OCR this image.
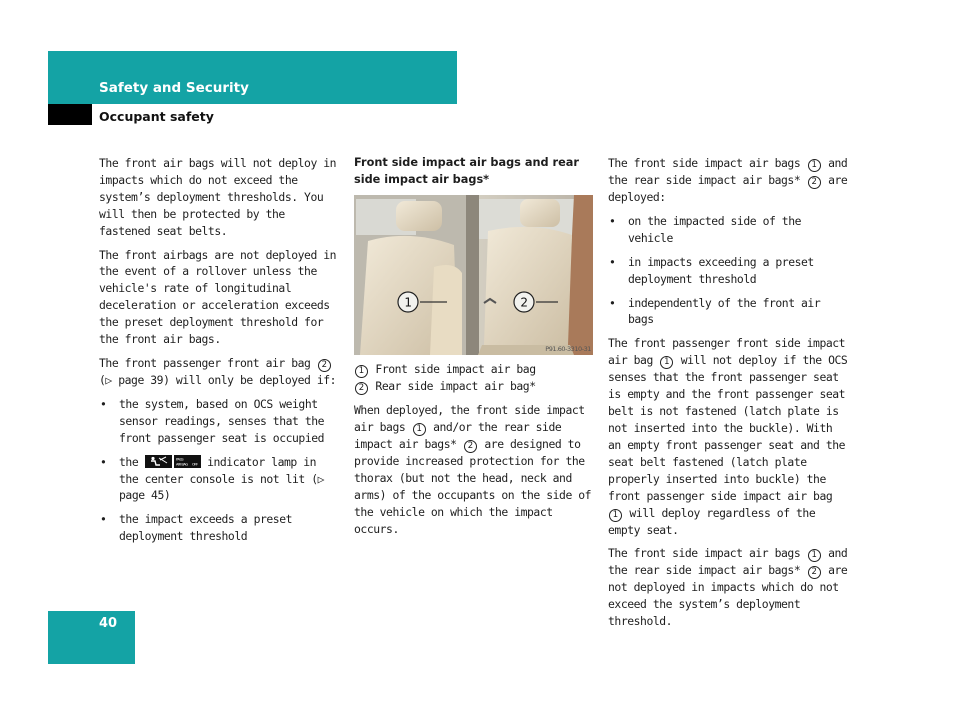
Safety and Security
Occupant safety

The front air bags will not deploy in impacts which do not exceed the system’s deployment thresholds. You will then be protected by the fastened seat belts.

The front airbags are not deployed in the event of a rollover unless the vehicle's rate of longitudinal deceleration or acceleration exceeds the preset deployment threshold for the front air bags.

The front passenger front air bag 2
(▷ page 39) will only be deployed if:

• the system, based on OCS weight sensor readings, senses that the front passenger seat is occupied
• the	PASS
AIR BAG OFF indicator lamp in the center console is not lit (▷ page 45)
• the impact exceeds a preset deployment threshold
Front side impact air bags and rear side impact air bags*
1	2
P91.60-3310-31

1 Front side impact air bag
2 Rear side impact air bag*

When deployed, the front side impact air bags 1 and/or the rear side impact air bags* 2 are designed to provide increased protection for the thorax (but not the head, neck and arms) of the occupants on the side of the vehicle on which the impact occurs.

The front side impact air bags 1 and the rear side impact air bags* 2 are deployed:

• on the impacted side of the vehicle
• in impacts exceeding a preset deployment threshold
• independently of the front air bags

The front passenger front side impact air bag 1 will not deploy if the OCS senses that the front passenger seat is empty and the front passenger seat belt is not fastened (latch plate is not inserted into the buckle). With an empty front passenger seat and the seat belt fastened (latch plate properly inserted into buckle) the front passenger side impact air bag 1 will deploy regardless of the empty seat.

The front side impact air bags 1 and the rear side impact air bags* 2 are not deployed in impacts which do not exceed the system’s deployment threshold.

40
